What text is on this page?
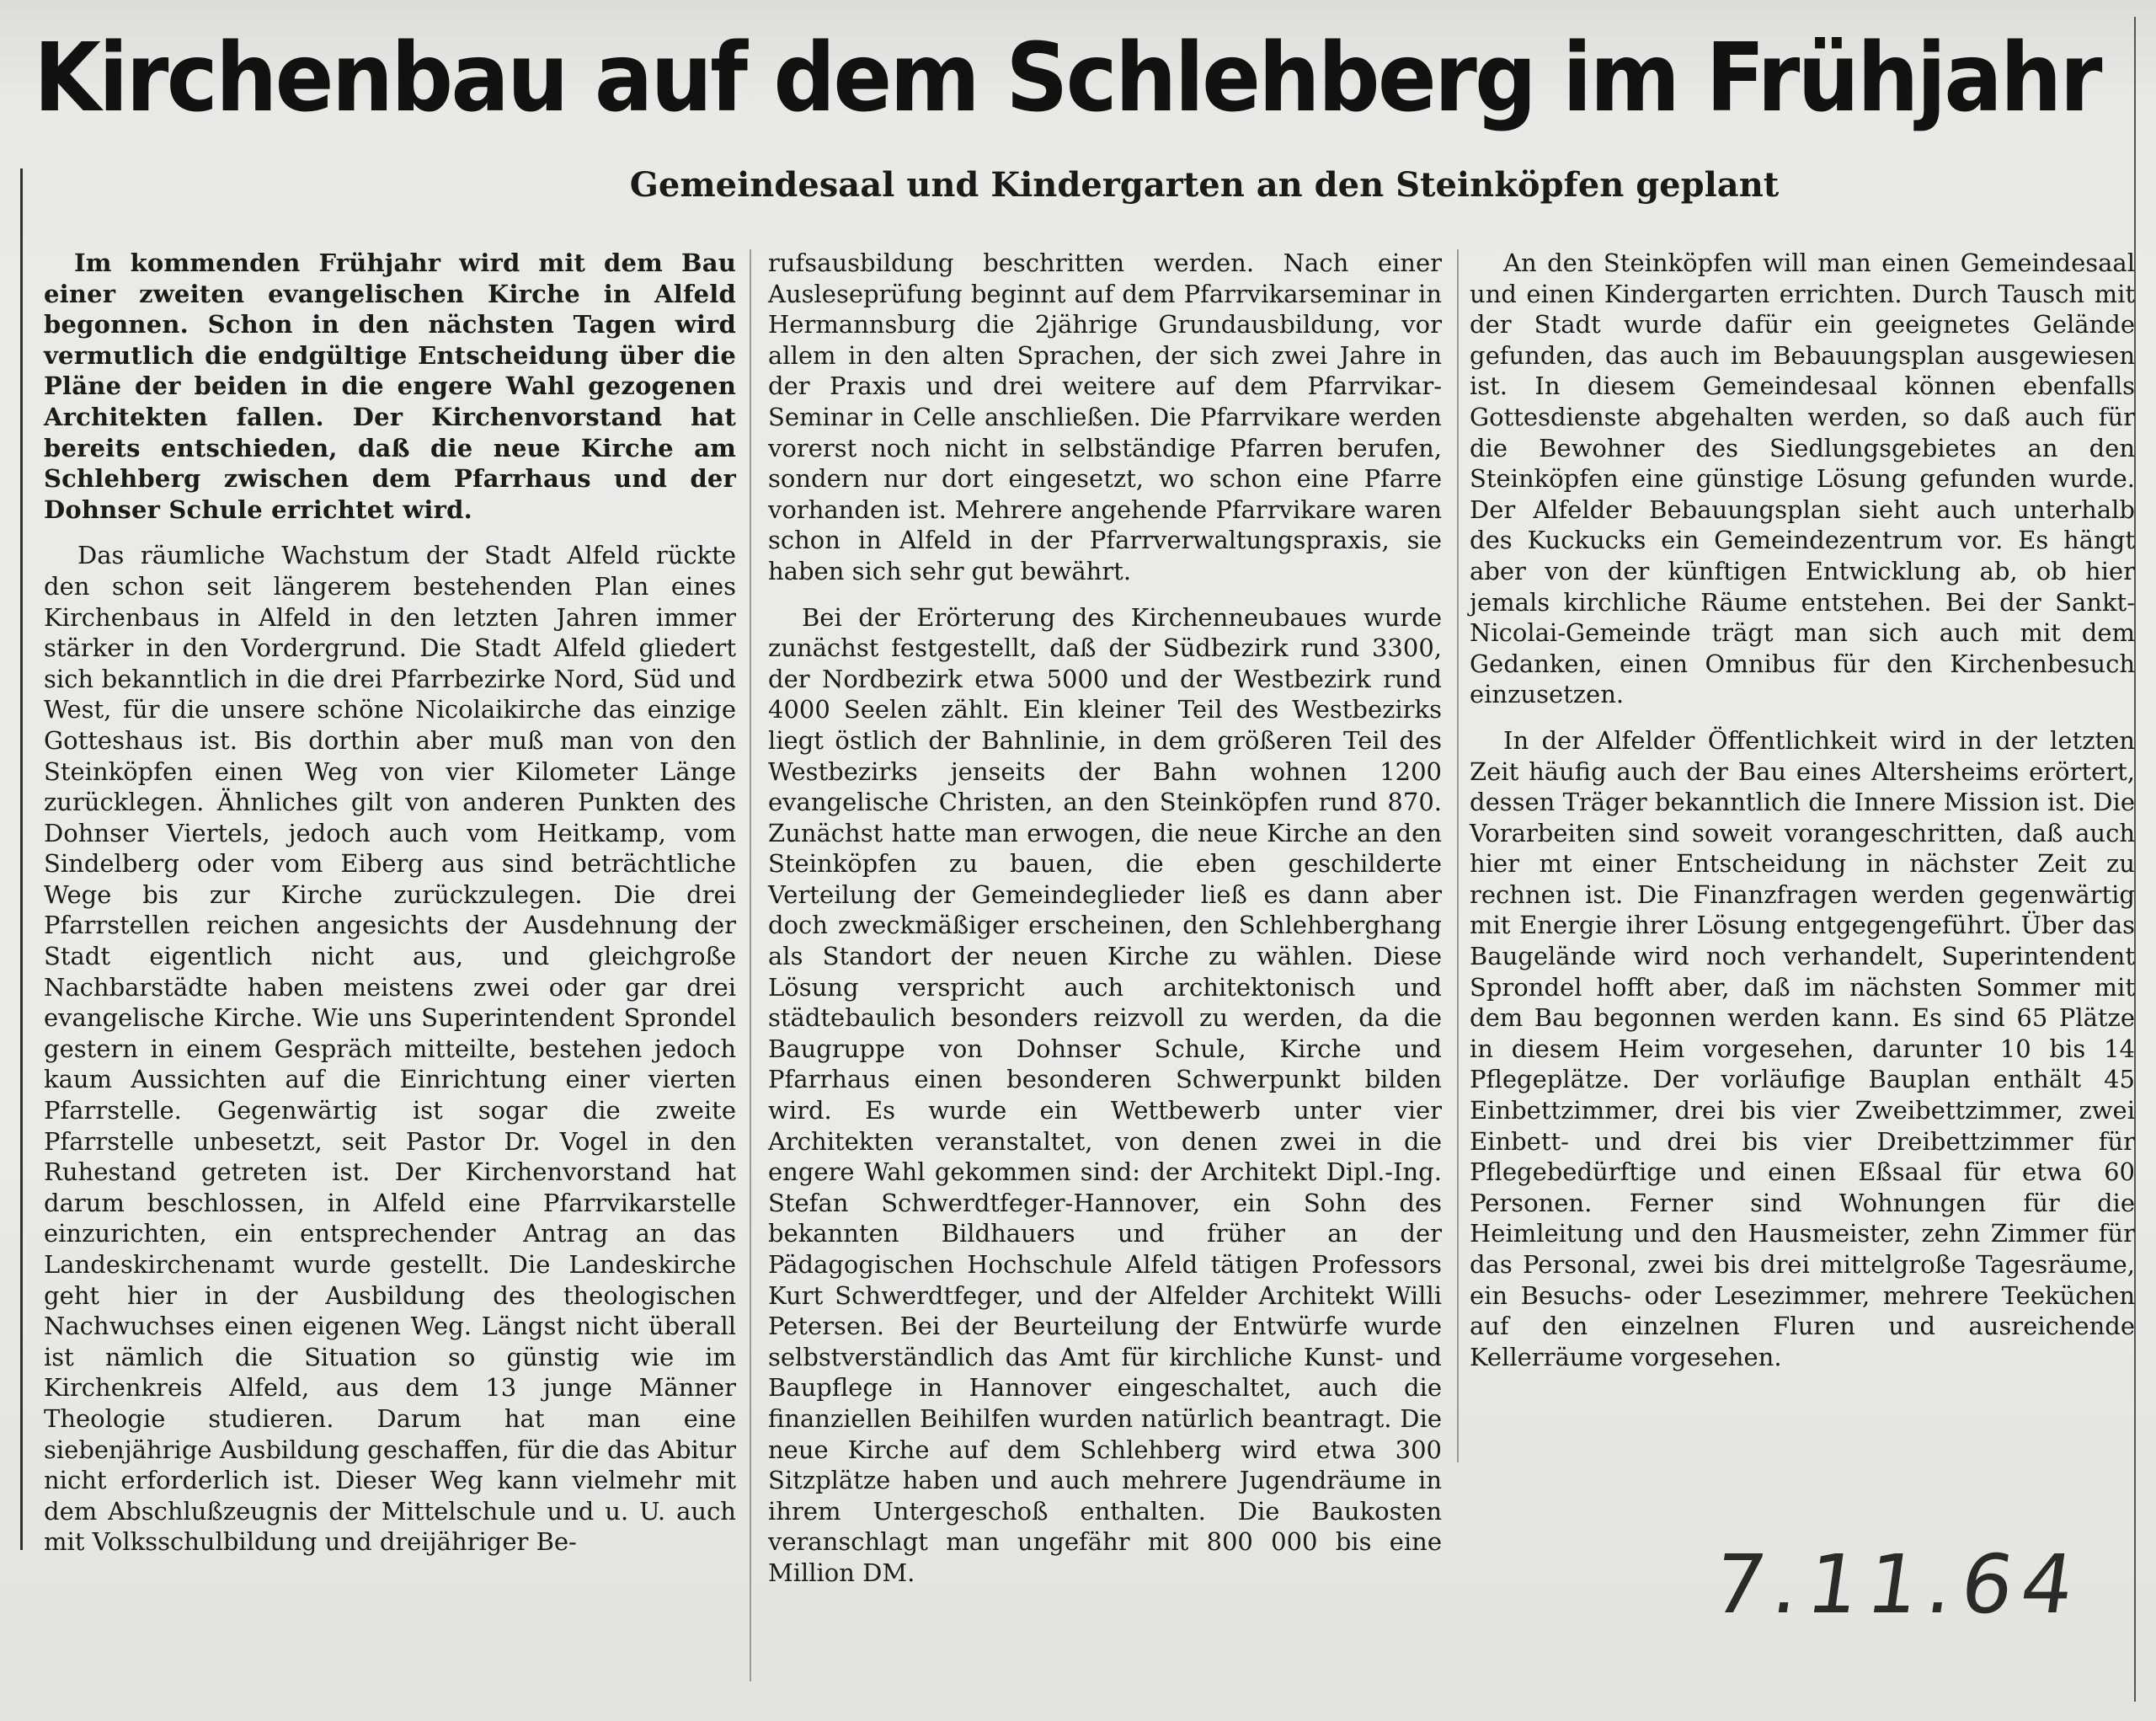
Kirchenbau auf dem Schlehberg im Frühjahr
Gemeindesaal und Kindergarten an den Steinköpfen geplant

Im kommenden Frühjahr wird mit dem Bau einer zweiten evangelischen Kirche in Alfeld begonnen. Schon in den nächsten Tagen wird vermutlich die endgültige Entscheidung über die Pläne der beiden in die engere Wahl gezogenen Architekten fallen. Der Kirchenvorstand hat bereits entschieden, daß die neue Kirche am Schlehberg zwischen dem Pfarrhaus und der Dohnser Schule errichtet wird.

Das räumliche Wachstum der Stadt Alfeld rückte den schon seit längerem bestehenden Plan eines Kirchenbaus in Alfeld in den letzten Jahren immer stärker in den Vordergrund. Die Stadt Alfeld gliedert sich bekanntlich in die drei Pfarrbezirke Nord, Süd und West, für die unsere schöne Nicolaikirche das einzige Gotteshaus ist. Bis dorthin aber muß man von den Steinköpfen einen Weg von vier Kilometer Länge zurücklegen. Ähnliches gilt von anderen Punkten des Dohnser Viertels, jedoch auch vom Heitkamp, vom Sindelberg oder vom Eiberg aus sind beträchtliche Wege bis zur Kirche zurückzulegen. Die drei Pfarrstellen reichen angesichts der Ausdehnung der Stadt eigentlich nicht aus, und gleichgroße Nachbarstädte haben meistens zwei oder gar drei evangelische Kirche. Wie uns Superintendent Sprondel gestern in einem Gespräch mitteilte, bestehen jedoch kaum Aussichten auf die Einrichtung einer vierten Pfarrstelle. Gegenwärtig ist sogar die zweite Pfarrstelle unbesetzt, seit Pastor Dr. Vogel in den Ruhestand getreten ist. Der Kirchenvorstand hat darum beschlossen, in Alfeld eine Pfarrvikarstelle einzurichten, ein entsprechender Antrag an das Landeskirchenamt wurde gestellt. Die Landeskirche geht hier in der Ausbildung des theologischen Nachwuchses einen eigenen Weg. Längst nicht überall ist nämlich die Situation so günstig wie im Kirchenkreis Alfeld, aus dem 13 junge Männer Theologie studieren. Darum hat man eine siebenjährige Ausbildung geschaffen, für die das Abitur nicht erforderlich ist. Dieser Weg kann vielmehr mit dem Abschlußzeugnis der Mittelschule und u. U. auch mit Volksschulbildung und dreijähriger Be-

rufsausbildung beschritten werden. Nach einer Ausleseprüfung beginnt auf dem Pfarrvikarseminar in Hermannsburg die 2jährige Grundausbildung, vor allem in den alten Sprachen, der sich zwei Jahre in der Praxis und drei weitere auf dem Pfarrvikar-Seminar in Celle anschließen. Die Pfarrvikare werden vorerst noch nicht in selbständige Pfarren berufen, sondern nur dort eingesetzt, wo schon eine Pfarre vorhanden ist. Mehrere angehende Pfarrvikare waren schon in Alfeld in der Pfarrverwaltungspraxis, sie haben sich sehr gut bewährt.

Bei der Erörterung des Kirchenneubaues wurde zunächst festgestellt, daß der Südbezirk rund 3300, der Nordbezirk etwa 5000 und der Westbezirk rund 4000 Seelen zählt. Ein kleiner Teil des Westbezirks liegt östlich der Bahnlinie, in dem größeren Teil des Westbezirks jenseits der Bahn wohnen 1200 evangelische Christen, an den Steinköpfen rund 870. Zunächst hatte man erwogen, die neue Kirche an den Steinköpfen zu bauen, die eben geschilderte Verteilung der Gemeindeglieder ließ es dann aber doch zweckmäßiger erscheinen, den Schlehberghang als Standort der neuen Kirche zu wählen. Diese Lösung verspricht auch architektonisch und städtebaulich besonders reizvoll zu werden, da die Baugruppe von Dohnser Schule, Kirche und Pfarrhaus einen besonderen Schwerpunkt bilden wird. Es wurde ein Wettbewerb unter vier Architekten veranstaltet, von denen zwei in die engere Wahl gekommen sind: der Architekt Dipl.-Ing. Stefan Schwerdtfeger-Hannover, ein Sohn des bekannten Bildhauers und früher an der Pädagogischen Hochschule Alfeld tätigen Professors Kurt Schwerdtfeger, und der Alfelder Architekt Willi Petersen. Bei der Beurteilung der Entwürfe wurde selbstverständlich das Amt für kirchliche Kunst- und Baupflege in Hannover eingeschaltet, auch die finanziellen Beihilfen wurden natürlich beantragt. Die neue Kirche auf dem Schlehberg wird etwa 300 Sitzplätze haben und auch mehrere Jugendräume in ihrem Untergeschoß enthalten. Die Baukosten veranschlagt man ungefähr mit 800 000 bis eine Million DM.

An den Steinköpfen will man einen Gemeindesaal und einen Kindergarten errichten. Durch Tausch mit der Stadt wurde dafür ein geeignetes Gelände gefunden, das auch im Bebauungsplan ausgewiesen ist. In diesem Gemeindesaal können ebenfalls Gottesdienste abgehalten werden, so daß auch für die Bewohner des Siedlungsgebietes an den Steinköpfen eine günstige Lösung gefunden wurde. Der Alfelder Bebauungsplan sieht auch unterhalb des Kuckucks ein Gemeindezentrum vor. Es hängt aber von der künftigen Entwicklung ab, ob hier jemals kirchliche Räume entstehen. Bei der Sankt-Nicolai-Gemeinde trägt man sich auch mit dem Gedanken, einen Omnibus für den Kirchenbesuch einzusetzen.

In der Alfelder Öffentlichkeit wird in der letzten Zeit häufig auch der Bau eines Altersheims erörtert, dessen Träger bekanntlich die Innere Mission ist. Die Vorarbeiten sind soweit vorangeschritten, daß auch hier mt einer Entscheidung in nächster Zeit zu rechnen ist. Die Finanzfragen werden gegenwärtig mit Energie ihrer Lösung entgegengeführt. Über das Baugelände wird noch verhandelt, Superintendent Sprondel hofft aber, daß im nächsten Sommer mit dem Bau begonnen werden kann. Es sind 65 Plätze in diesem Heim vorgesehen, darunter 10 bis 14 Pflegeplätze. Der vorläufige Bauplan enthält 45 Einbettzimmer, drei bis vier Zweibettzimmer, zwei Einbett- und drei bis vier Dreibettzimmer für Pflegebedürftige und einen Eßsaal für etwa 60 Personen. Ferner sind Wohnungen für die Heimleitung und den Hausmeister, zehn Zimmer für das Personal, zwei bis drei mittelgroße Tagesräume, ein Besuchs- oder Lesezimmer, mehrere Teeküchen auf den einzelnen Fluren und ausreichende Kellerräume vorgesehen.

7.11.64
